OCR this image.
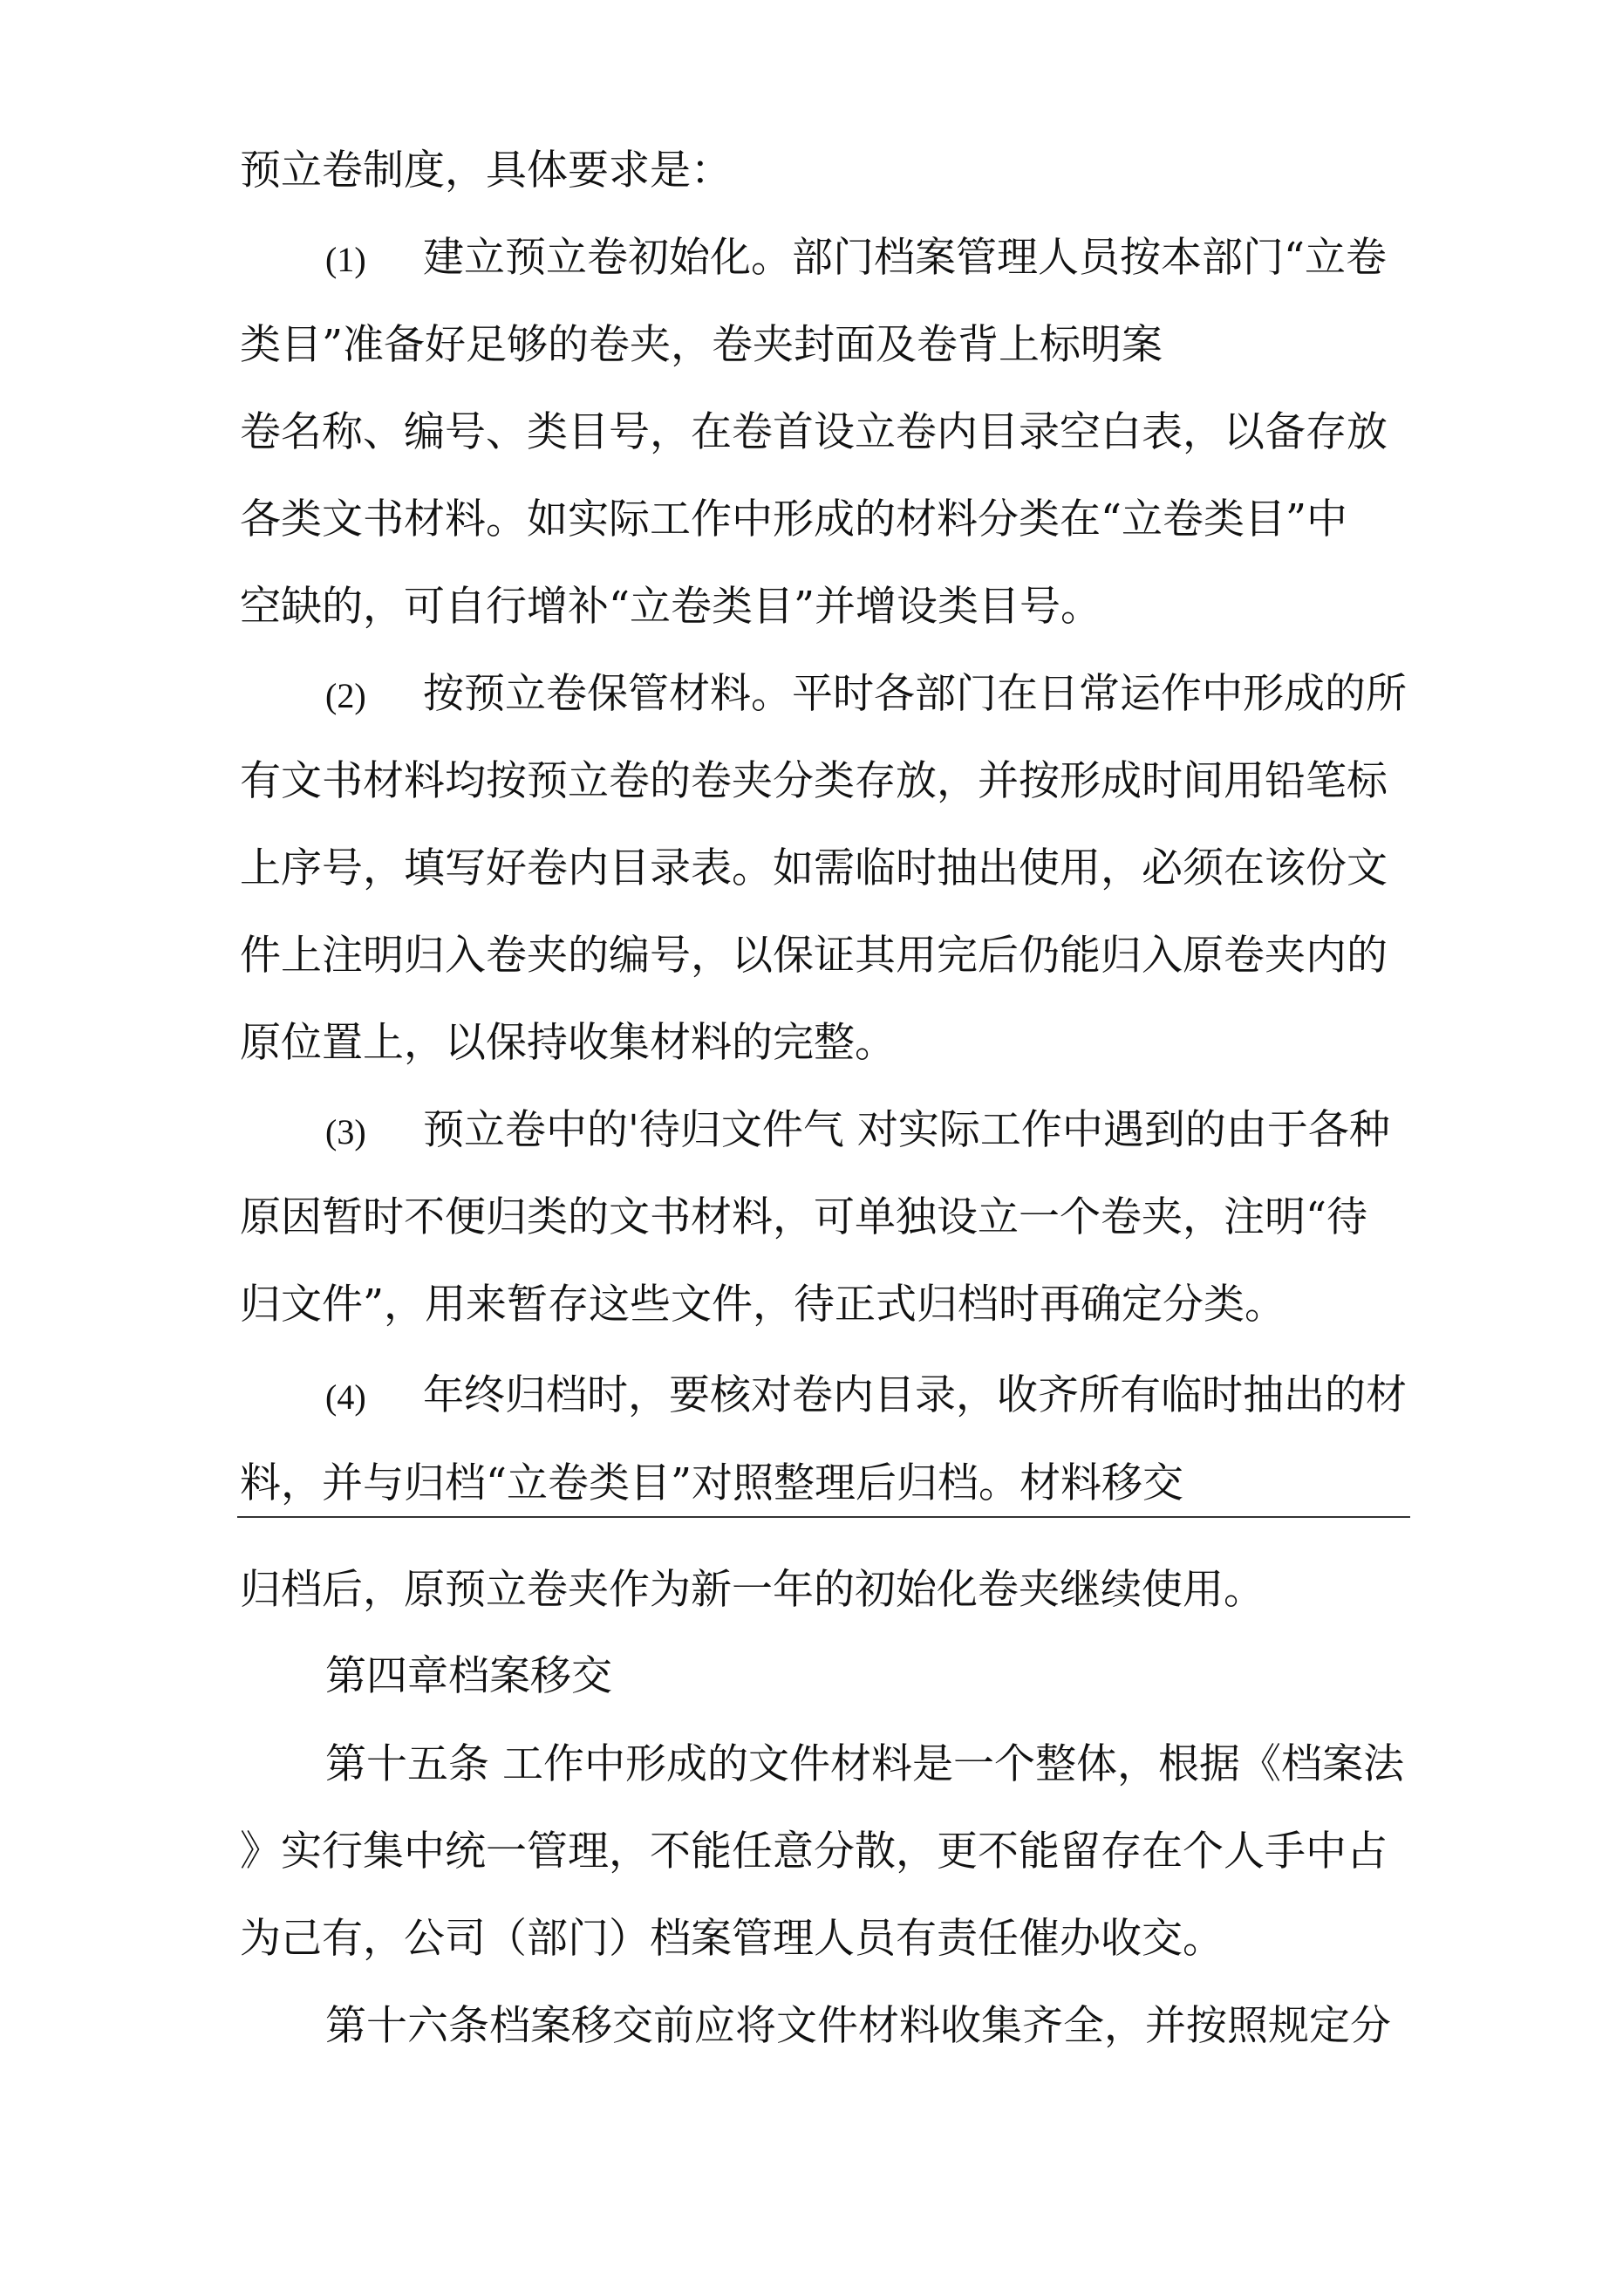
预立卷制度，具体要求是：
(1) 建立预立卷初始化。部门档案管理人员按本部门“立卷
类目”准备好足够的卷夹，卷夹封面及卷背上标明案
卷名称、编号、类目号，在卷首设立卷内目录空白表，以备存放
各类文书材料。如实际工作中形成的材料分类在“立卷类目”中
空缺的，可自行增补“立卷类目”并增设类目号。
(2) 按预立卷保管材料。平时各部门在日常运作中形成的所
有文书材料均按预立卷的卷夹分类存放，并按形成时间用铅笔标
上序号，填写好卷内目录表。如需临时抽出使用，必须在该份文
件上注明归入卷夹的编号，以保证其用完后仍能归入原卷夹内的
原位置上，以保持收集材料的完整。
(3) 预立卷中的'待归文件气 对实际工作中遇到的由于各种
原因暂时不便归类的文书材料，可单独设立一个卷夹，注明“待
归文件”，用来暂存这些文件，待正式归档时再确定分类。
(4) 年终归档时，要核对卷内目录，收齐所有临时抽出的材
料，并与归档“立卷类目”对照整理后归档。材料移交
归档后，原预立卷夹作为新一年的初始化卷夹继续使用。
第四章档案移交
第十五条 工作中形成的文件材料是一个整体，根据《档案法
》实行集中统一管理，不能任意分散，更不能留存在个人手中占
为己有，公司（部门）档案管理人员有责任催办收交。
第十六条档案移交前应将文件材料收集齐全，并按照规定分
